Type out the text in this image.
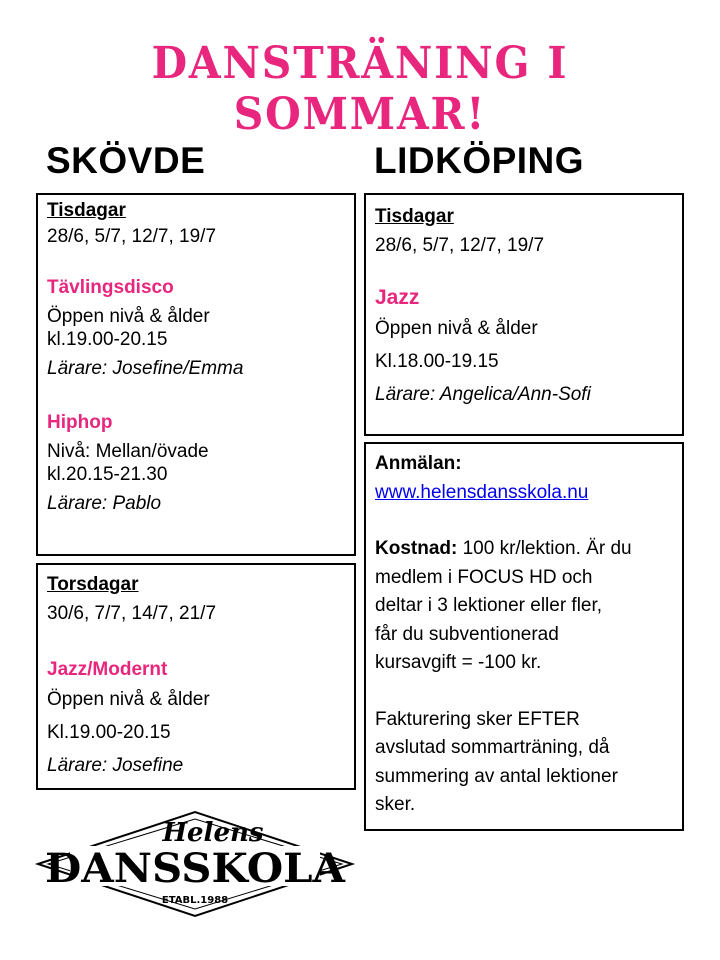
DANSTRÄNING I SOMMAR!
SKÖVDE	LIDKÖPING
Tisdagar
28/6, 5/7, 12/7, 19/7
Tävlingsdisco
Öppen nivå & ålder
kl.19.00-20.15
Lärare: Josefine/Emma
Hiphop
Nivå: Mellan/övade
kl.20.15-21.30
Lärare: Pablo
Torsdagar
30/6, 7/7, 14/7, 21/7
Jazz/Modernt
Öppen nivå & ålder
Kl.19.00-20.15
Lärare: Josefine
Tisdagar
28/6, 5/7, 12/7, 19/7
Jazz
Öppen nivå & ålder
Kl.18.00-19.15
Lärare: Angelica/Ann-Sofi
Anmälan:
www.helensdansskola.nu
Kostnad: 100 kr/lektion. Är du
medlem i FOCUS HD och
deltar i 3 lektioner eller fler,
får du subventionerad
kursavgift = -100 kr.
Fakturering sker EFTER
avslutad sommarträning, då
summering av antal lektioner
sker.
Helens
DANSSKOLA
ETABL.1988
